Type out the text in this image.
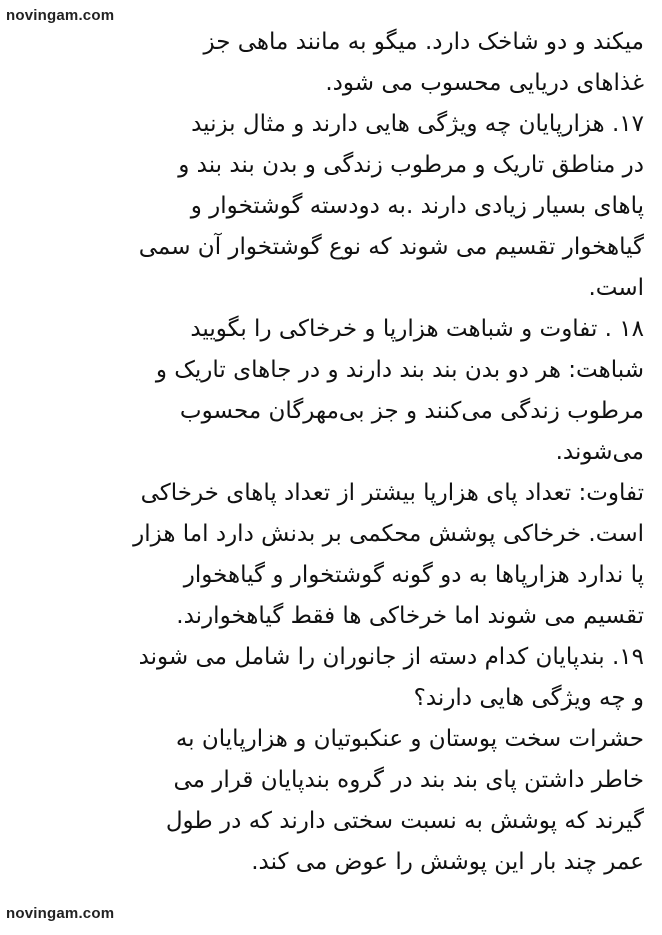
novingam.com
میکند و دو شاخک دارد. میگو به مانند ماهی جز
غذاهای دریایی محسوب می شود.
۱۷. هزارپایان چه ویژگی هایی دارند و مثال بزنید
در مناطق تاریک و مرطوب زندگی و بدن بند بند و
پاهای بسیار زیادی دارند .به دودسته گوشتخوار و
گیاهخوار تقسیم می شوند که نوع گوشتخوار آن سمی
است.
۱۸ . تفاوت و شباهت هزارپا و خرخاکی را بگویید
شباهت: هر دو بدن بند بند دارند و در جاهای تاریک و
مرطوب زندگی می‌کنند و جز بی‌مهرگان محسوب
می‌شوند.
تفاوت: تعداد پای هزارپا بیشتر از تعداد پاهای خرخاکی
است. خرخاکی پوشش محکمی بر بدنش دارد اما هزار
پا ندارد هزارپاها به دو گونه گوشتخوار و گیاهخوار
تقسیم می شوند اما خرخاکی ها فقط گیاهخوارند.
۱۹. بندپایان کدام دسته از جانوران را شامل می شوند
و چه ویژگی هایی دارند؟
حشرات سخت پوستان و عنکبوتیان و هزارپایان به
خاطر داشتن پای بند بند در گروه بندپایان قرار می
گیرند که پوشش به نسبت سختی دارند که در طول
عمر چند بار این پوشش را عوض می کند.
novingam.com
